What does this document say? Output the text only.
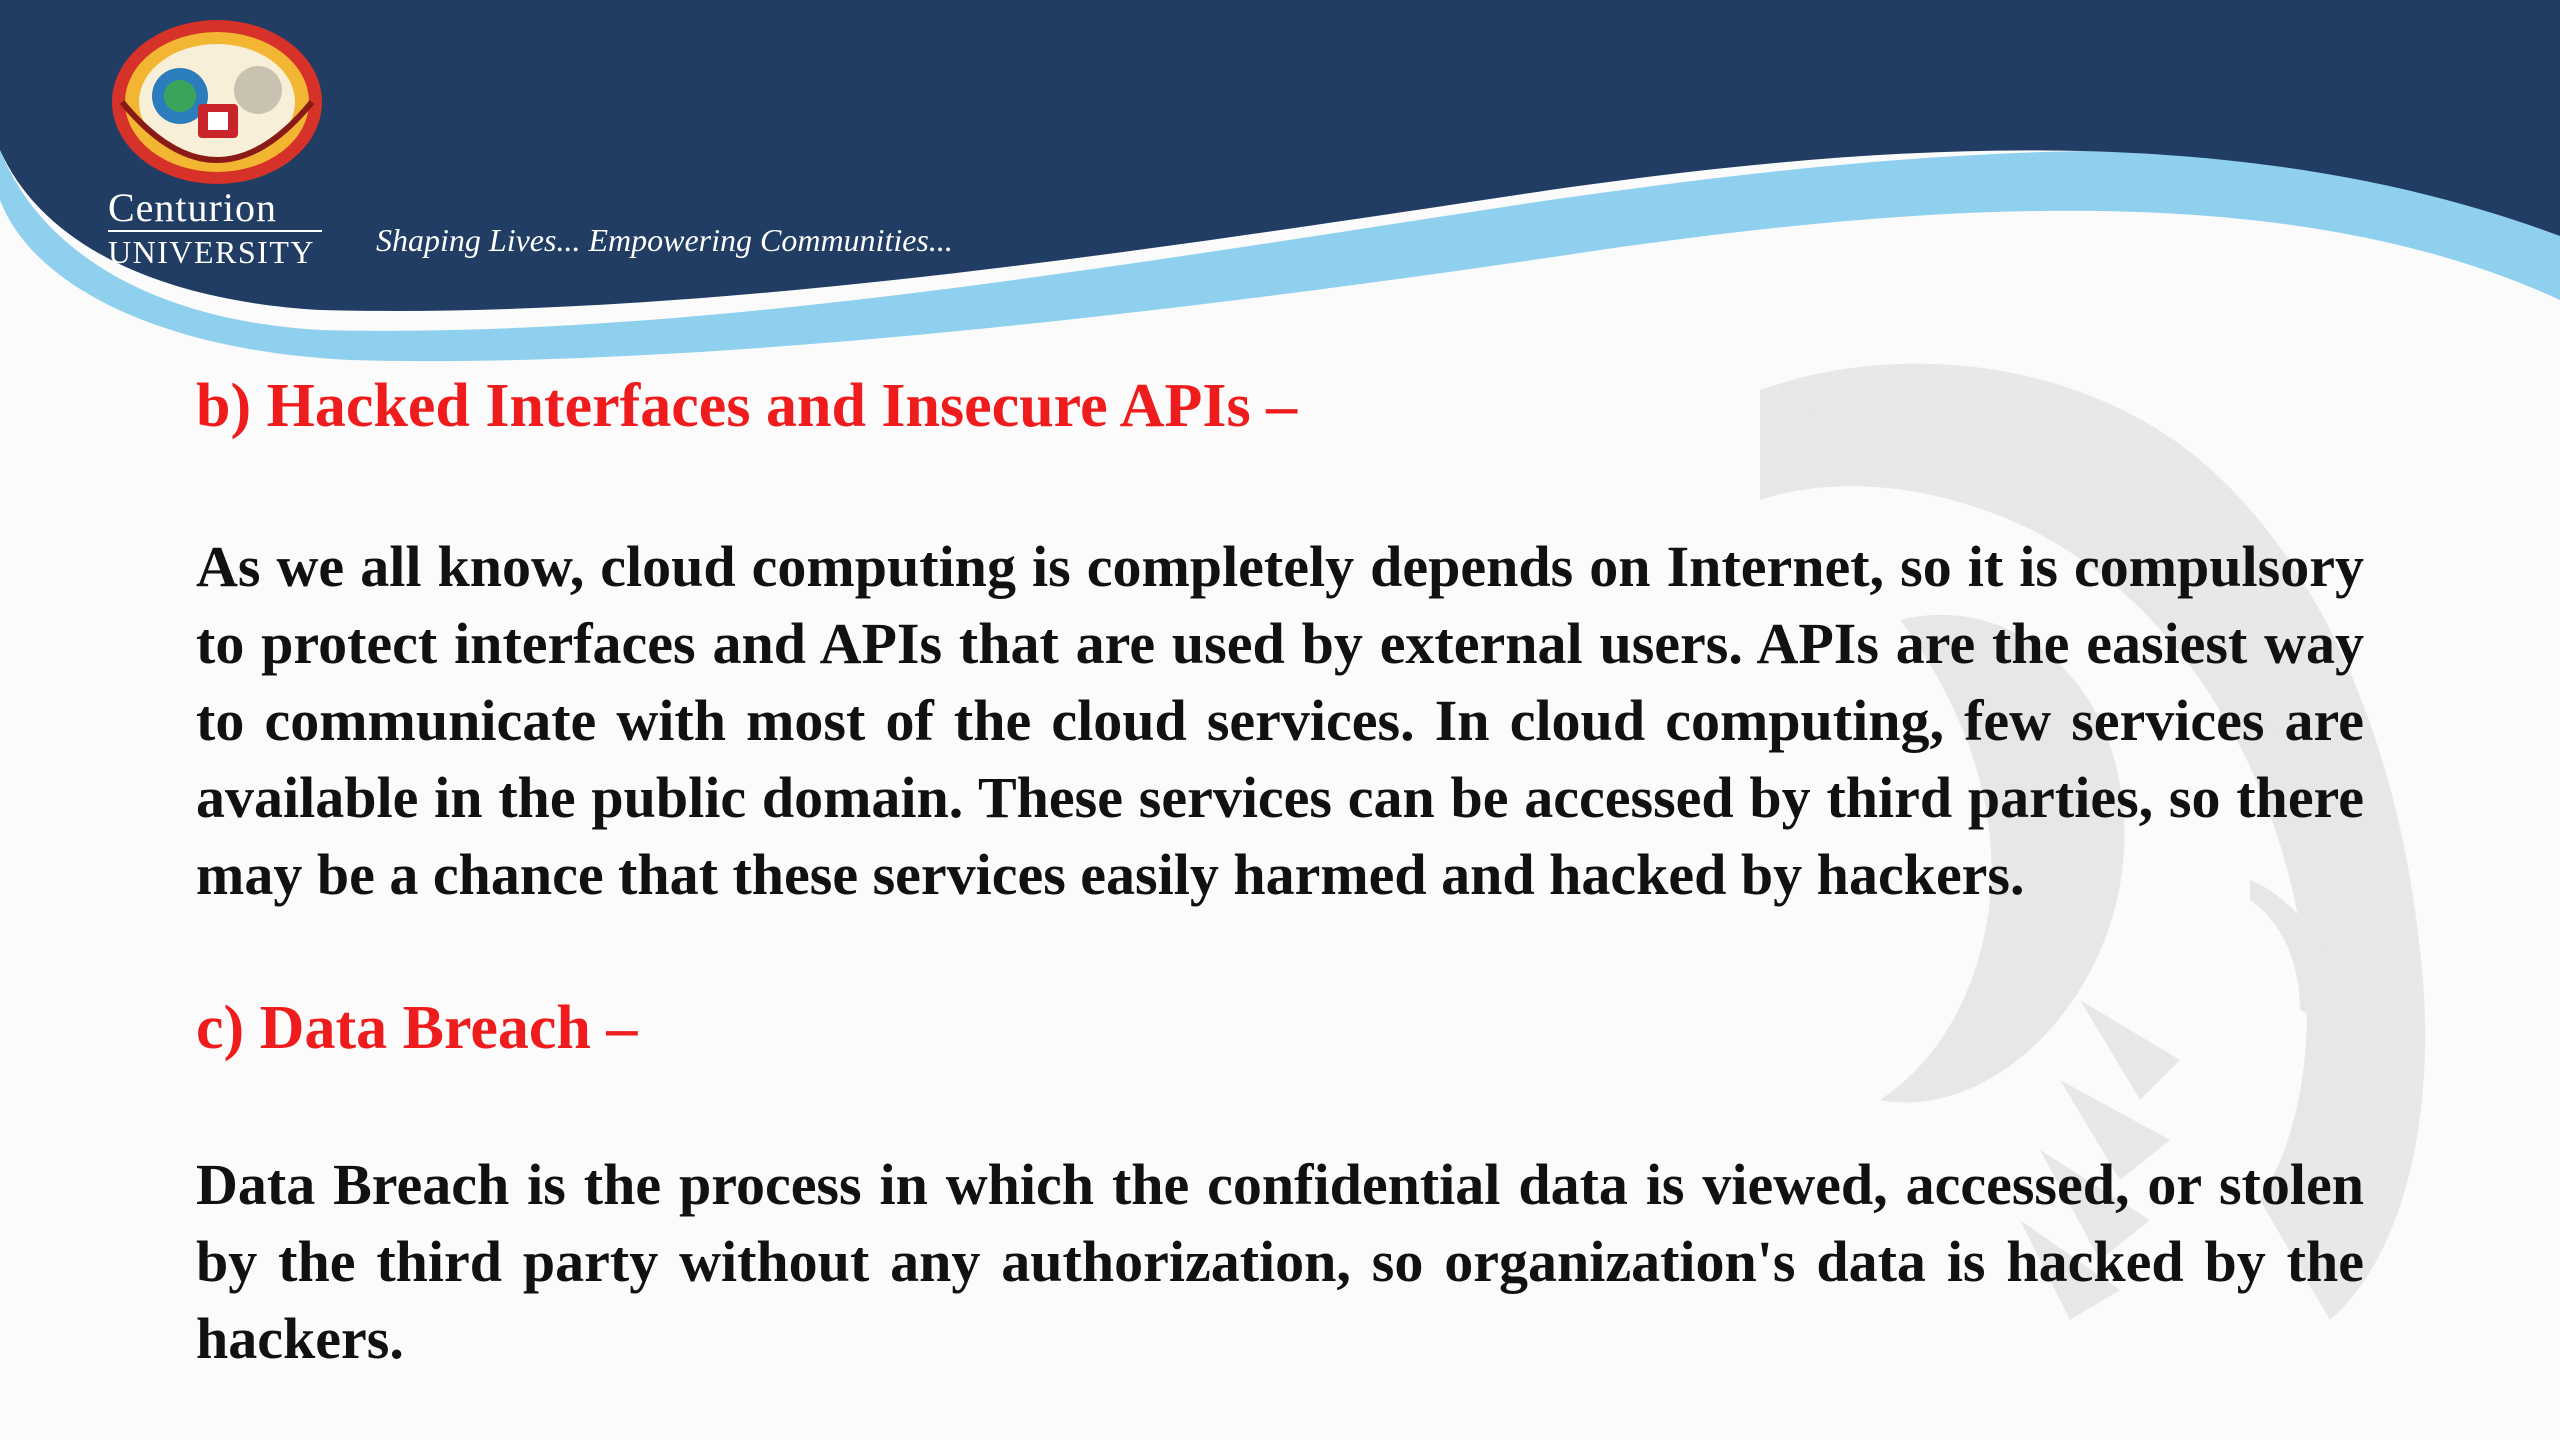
Centurion
UNIVERSITY Shaping Lives... Empowering Communities...
b) Hacked Interfaces and Insecure APIs –

As we all know, cloud computing is completely depends on Internet, so it is compulsory to protect interfaces and APIs that are used by external users. APIs are the easiest way to communicate with most of the cloud services. In cloud computing, few services are available in the public domain. These services can be accessed by third parties, so there may be a chance that these services easily harmed and hacked by hackers.

c) Data Breach –

Data Breach is the process in which the confidential data is viewed, accessed, or stolen by the third party without any authorization, so organization's data is hacked by the hackers.
